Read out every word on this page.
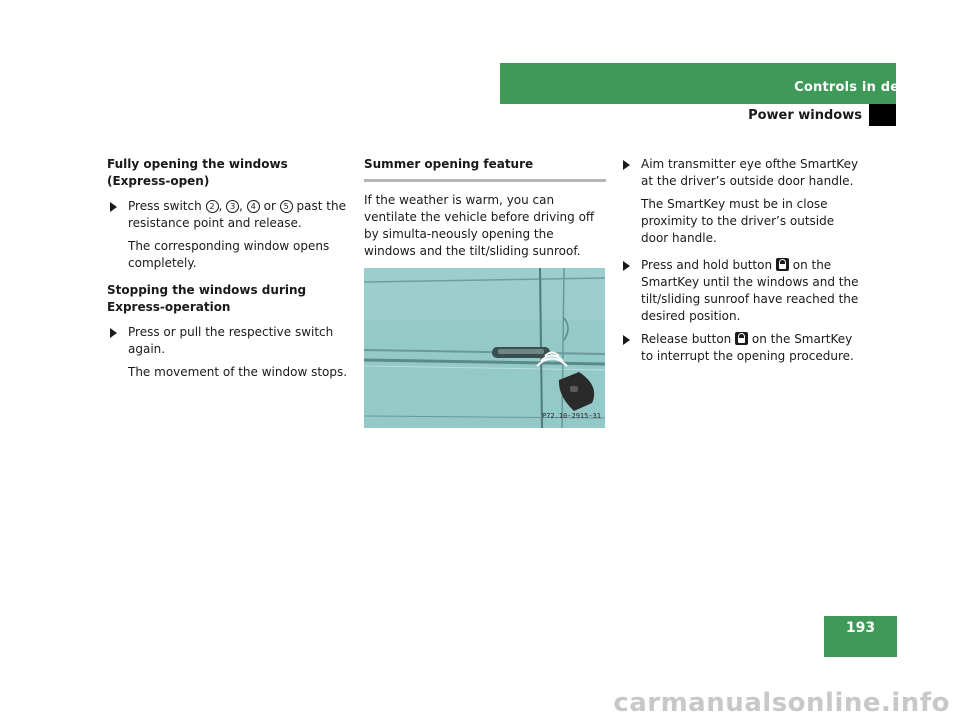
Controls in detail
Power windows

Fully opening the windows (Express-open)

Press switch 2 , 3 , 4 or 5 past the resistance point and release.

The corresponding window opens completely.

Stopping the windows during Express-operation

Press or pull the respective switch again.

The movement of the window stops.

Summer opening feature

If the weather is warm, you can ventilate the vehicle before driving off by simulta-neously opening the windows and the tilt/sliding sunroof.

P72.10-2915-31
Aim transmitter eye ofthe SmartKey at the driver’s outside door handle.

The SmartKey must be in close proximity to the driver’s outside door handle.

Press and hold button  on the SmartKey until the windows and the tilt/sliding sunroof have reached the desired position.
Release button  on the SmartKey to interrupt the opening procedure.
193
carmanualsonline.info
